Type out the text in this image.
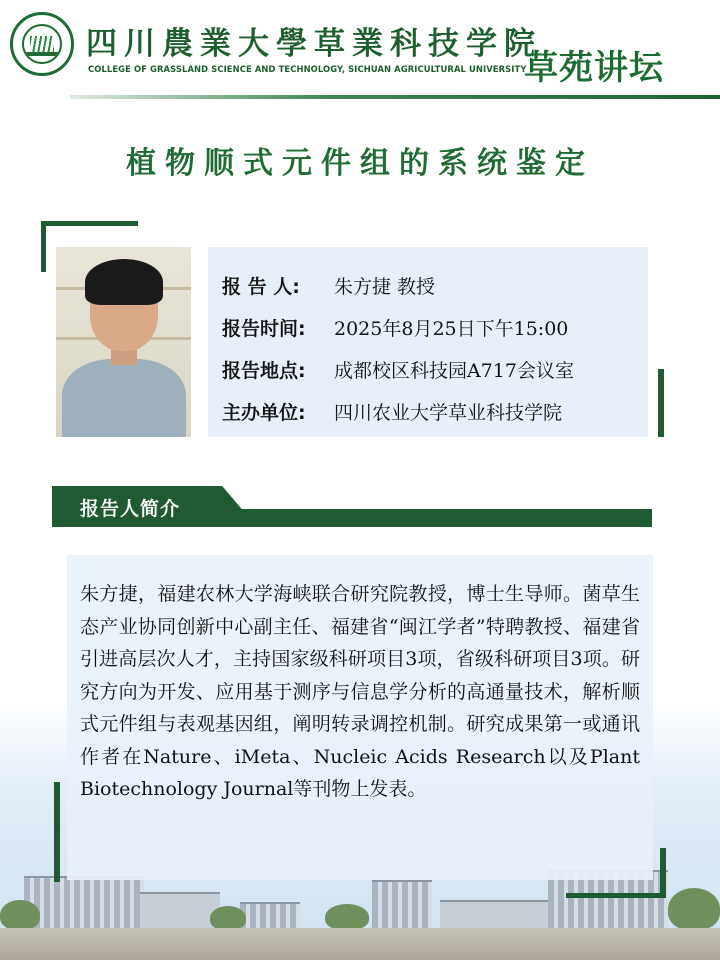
四川農業大學草業科技学院
COLLEGE OF GRASSLAND SCIENCE AND TECHNOLOGY, SICHUAN AGRICULTURAL UNIVERSITY
草苑讲坛
植物顺式元件组的系统鉴定
报 告 人: 朱方捷 教授
报告时间: 2025年8月25日下午15:00
报告地点: 成都校区科技园A717会议室
主办单位: 四川农业大学草业科技学院
报告人简介
朱方捷，福建农林大学海峡联合研究院教授，博士生导师。菌草生态产业协同创新中心副主任、福建省“闽江学者”特聘教授、福建省引进高层次人才，主持国家级科研项目3项，省级科研项目3项。研究方向为开发、应用基于测序与信息学分析的高通量技术，解析顺式元件组与表观基因组，阐明转录调控机制。研究成果第一或通讯作者在Nature、iMeta、Nucleic Acids Research以及Plant Biotechnology Journal等刊物上发表。
